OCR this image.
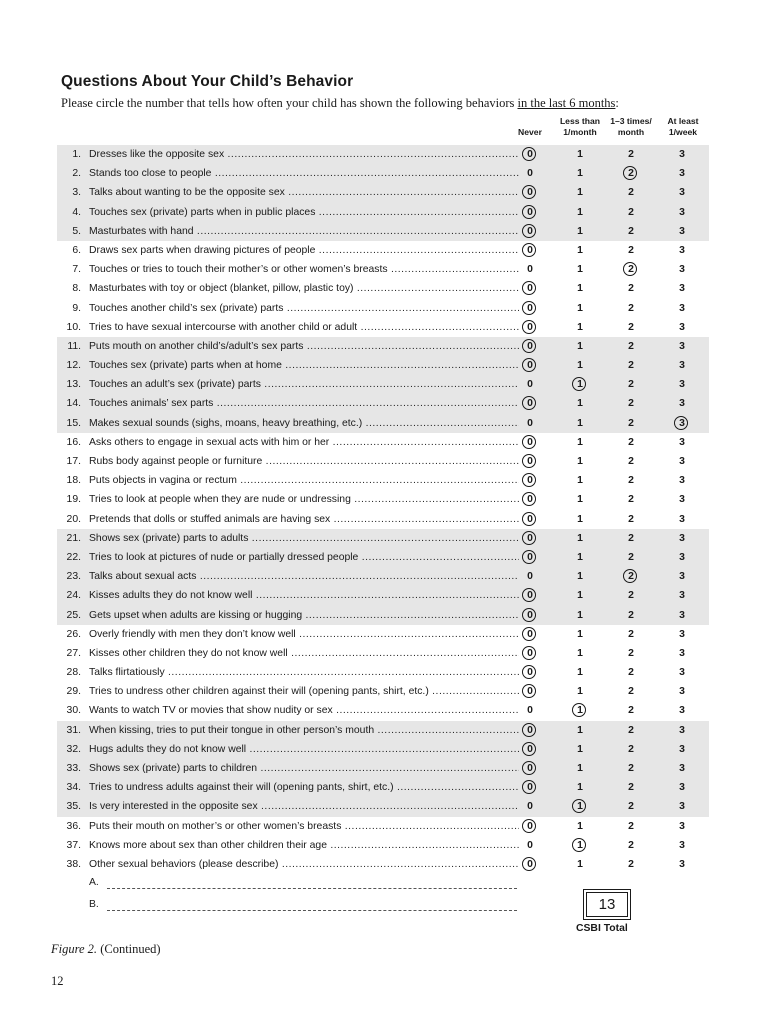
Questions About Your Child’s Behavior
Please circle the number that tells how often your child has shown the following behaviors in the last 6 months:
Never
Less than
1/month
1–3 times/
month
At least
1/week
1. Dresses like the opposite sex .....	0	1	2	3
2. Stands too close to people .....	0	1	2	3
3. Talks about wanting to be the opposite sex .....	0	1	2	3
4. Touches sex (private) parts when in public places .....	0	1	2	3
5. Masturbates with hand .....	0	1	2	3
6. Draws sex parts when drawing pictures of people .....	0	1	2	3
7. Touches or tries to touch their mother’s or other women’s breasts .....	0	1	2	3
8. Masturbates with toy or object (blanket, pillow, plastic toy) .....	0	1	2	3
9. Touches another child’s sex (private) parts .....	0	1	2	3
10. Tries to have sexual intercourse with another child or adult .....	0	1	2	3
11. Puts mouth on another child’s/adult’s sex parts .....	0	1	2	3
12. Touches sex (private) parts when at home .....	0	1	2	3
13. Touches an adult’s sex (private) parts .....	0	1	2	3
14. Touches animals’ sex parts .....	0	1	2	3
15. Makes sexual sounds (sighs, moans, heavy breathing, etc.) .....	0	1	2	3
16. Asks others to engage in sexual acts with him or her .....	0	1	2	3
17. Rubs body against people or furniture .....	0	1	2	3
18. Puts objects in vagina or rectum .....	0	1	2	3
19. Tries to look at people when they are nude or undressing .....	0	1	2	3
20. Pretends that dolls or stuffed animals are having sex .....	0	1	2	3
21. Shows sex (private) parts to adults .....	0	1	2	3
22. Tries to look at pictures of nude or partially dressed people .....	0	1	2	3
23. Talks about sexual acts .....	0	1	2	3
24. Kisses adults they do not know well .....	0	1	2	3
25. Gets upset when adults are kissing or hugging .....	0	1	2	3
26. Overly friendly with men they don’t know well .....	0	1	2	3
27. Kisses other children they do not know well .....	0	1	2	3
28. Talks flirtatiously .....	0	1	2	3
29. Tries to undress other children against their will (opening pants, shirt, etc.) .....	0	1	2	3
30. Wants to watch TV or movies that show nudity or sex .....	0	1	2	3
31. When kissing, tries to put their tongue in other person’s mouth .....	0	1	2	3
32. Hugs adults they do not know well .....	0	1	2	3
33. Shows sex (private) parts to children .....	0	1	2	3
34. Tries to undress adults against their will (opening pants, shirt, etc.) .....	0	1	2	3
35. Is very interested in the opposite sex .....	0	1	2	3
36. Puts their mouth on mother’s or other women’s breasts .....	0	1	2	3
37. Knows more about sex than other children their age .....	0	1	2	3
38. Other sexual behaviors (please describe) .....	0	1	2	3
A.
B.	13
CSBI Total
Figure 2. (Continued)
12
